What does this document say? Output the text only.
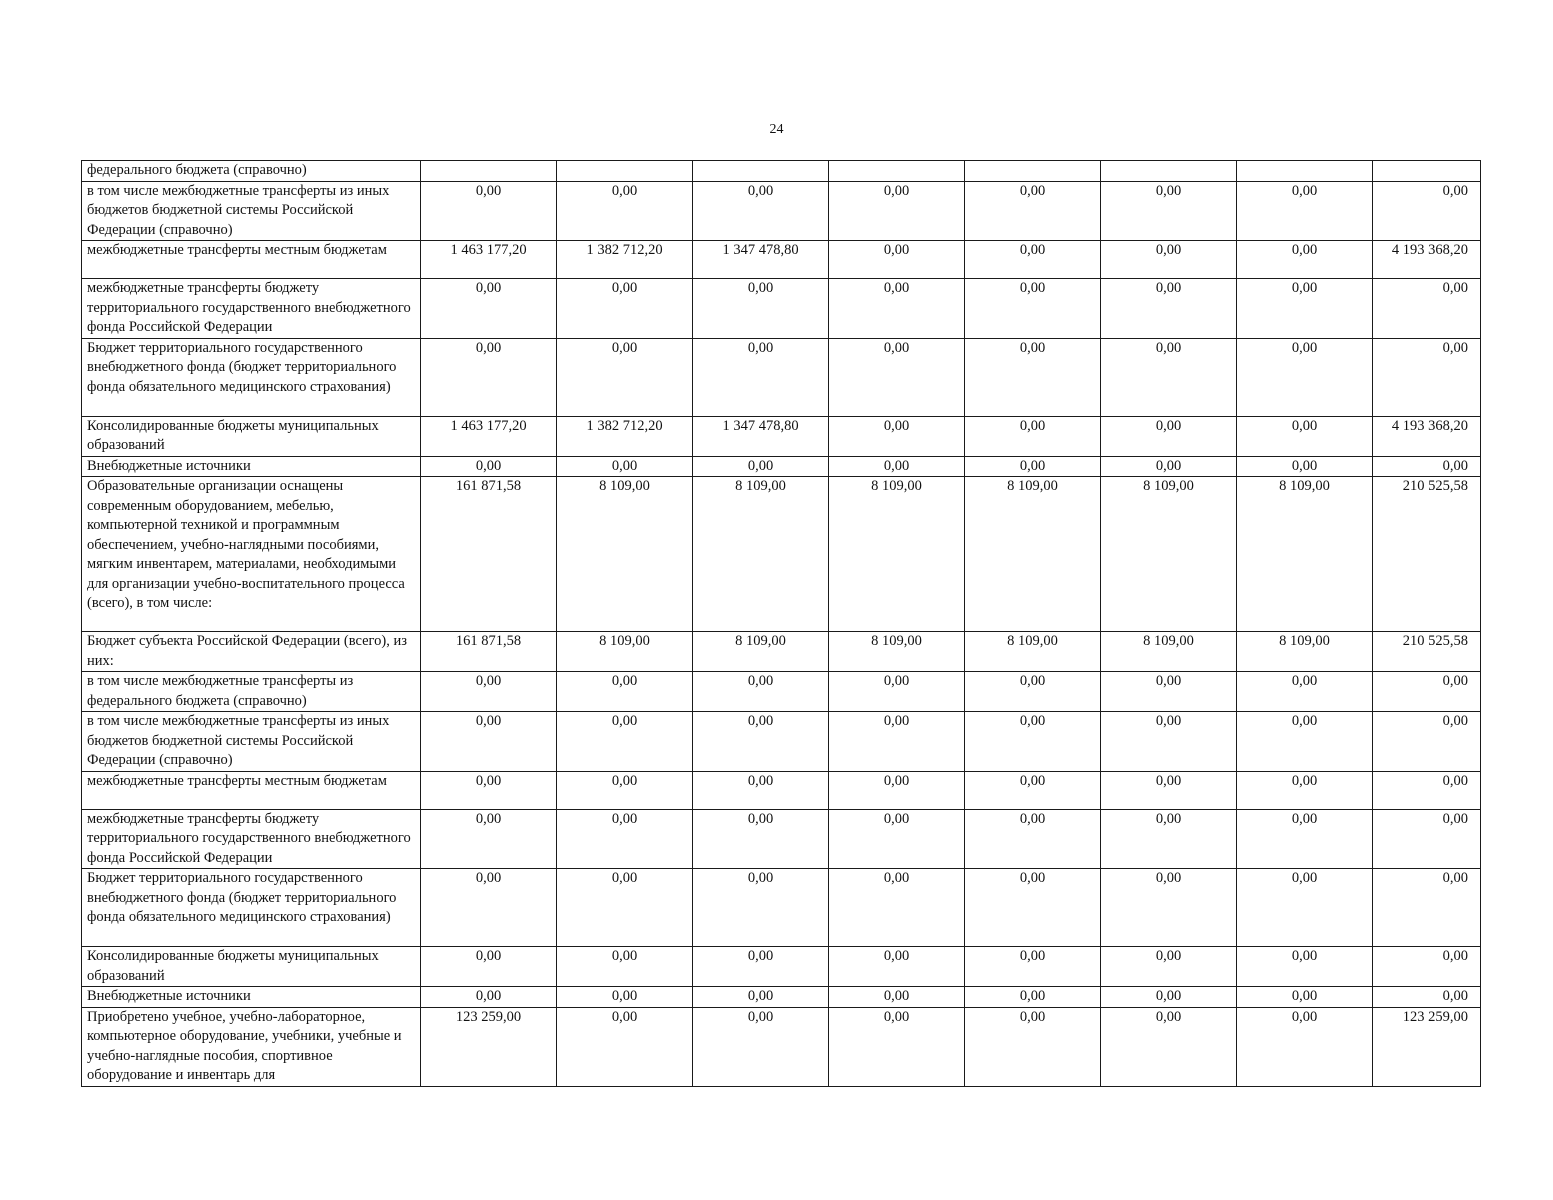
24
федерального бюджета (справочно)								
в том числе межбюджетные трансферты из иных бюджетов бюджетной системы Российской Федерации (справочно)	0,00	0,00	0,00	0,00	0,00	0,00	0,00	0,00
межбюджетные трансферты местным бюджетам	1 463 177,20	1 382 712,20	1 347 478,80	0,00	0,00	0,00	0,00	4 193 368,20
межбюджетные трансферты бюджету территориального государственного внебюджетного фонда Российской Федерации	0,00	0,00	0,00	0,00	0,00	0,00	0,00	0,00
Бюджет территориального государственного внебюджетного фонда (бюджет территориального фонда обязательного медицинского страхования)	0,00	0,00	0,00	0,00	0,00	0,00	0,00	0,00
Консолидированные бюджеты муниципальных образований	1 463 177,20	1 382 712,20	1 347 478,80	0,00	0,00	0,00	0,00	4 193 368,20
Внебюджетные источники	0,00	0,00	0,00	0,00	0,00	0,00	0,00	0,00
Образовательные организации оснащены современным оборудованием, мебелью, компьютерной техникой и программным обеспечением, учебно-наглядными пособиями, мягким инвентарем, материалами, необходимыми для организации учебно-воспитательного процесса (всего), в том числе:	161 871,58	8 109,00	8 109,00	8 109,00	8 109,00	8 109,00	8 109,00	210 525,58
Бюджет субъекта Российской Федерации (всего), из них:	161 871,58	8 109,00	8 109,00	8 109,00	8 109,00	8 109,00	8 109,00	210 525,58
в том числе межбюджетные трансферты из федерального бюджета (справочно)	0,00	0,00	0,00	0,00	0,00	0,00	0,00	0,00
в том числе межбюджетные трансферты из иных бюджетов бюджетной системы Российской Федерации (справочно)	0,00	0,00	0,00	0,00	0,00	0,00	0,00	0,00
межбюджетные трансферты местным бюджетам	0,00	0,00	0,00	0,00	0,00	0,00	0,00	0,00
межбюджетные трансферты бюджету территориального государственного внебюджетного фонда Российской Федерации	0,00	0,00	0,00	0,00	0,00	0,00	0,00	0,00
Бюджет территориального государственного внебюджетного фонда (бюджет территориального фонда обязательного медицинского страхования)	0,00	0,00	0,00	0,00	0,00	0,00	0,00	0,00
Консолидированные бюджеты муниципальных образований	0,00	0,00	0,00	0,00	0,00	0,00	0,00	0,00
Внебюджетные источники	0,00	0,00	0,00	0,00	0,00	0,00	0,00	0,00
Приобретено учебное, учебно-лабораторное, компьютерное оборудование, учебники, учебные и учебно-наглядные пособия, спортивное оборудование и инвентарь для	123 259,00	0,00	0,00	0,00	0,00	0,00	0,00	123 259,00
